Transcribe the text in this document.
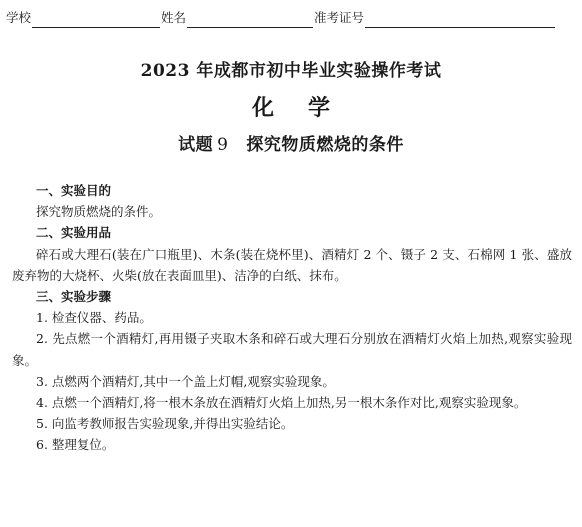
学校	姓名	准考证号
2023 年成都市初中毕业实验操作考试
化学
试题 9 探究物质燃烧的条件
一、实验目的
探究物质燃烧的条件。
二、实验用品
碎石或大理石(装在广口瓶里)、木条(装在烧杯里)、酒精灯 2 个、镊子 2 支、石棉网 1 张、盛放废弃物的大烧杯、火柴(放在表面皿里)、洁净的白纸、抹布。
三、实验步骤
1. 检查仪器、药品。
2. 先点燃一个酒精灯,再用镊子夹取木条和碎石或大理石分别放在酒精灯火焰上加热,观察实验现象。
3. 点燃两个酒精灯,其中一个盖上灯帽,观察实验现象。
4. 点燃一个酒精灯,将一根木条放在酒精灯火焰上加热,另一根木条作对比,观察实验现象。
5. 向监考教师报告实验现象,并得出实验结论。
6. 整理复位。
